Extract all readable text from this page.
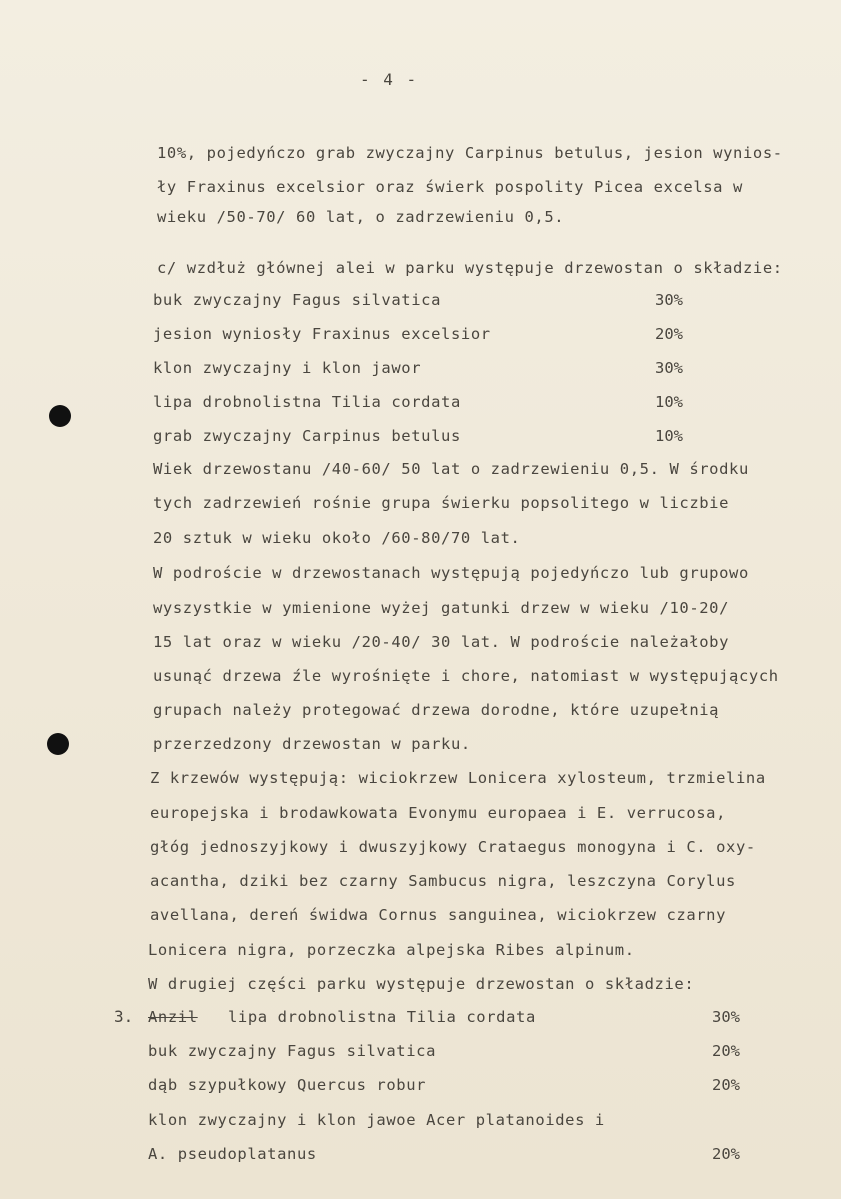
- 4 -
10%, pojedyńczo grab zwyczajny Carpinus betulus, jesion wynios-
ły Fraxinus excelsior oraz świerk pospolity Picea excelsa w
wieku /50-70/ 60 lat, o zadrzewieniu 0,5.
c/ wzdłuż głównej alei w parku występuje drzewostan o składzie:
buk zwyczajny Fagus silvatica	30%
jesion wyniosły Fraxinus excelsior	20%
klon zwyczajny i klon jawor	30%
lipa drobnolistna Tilia cordata	10%
grab zwyczajny Carpinus betulus	10%
Wiek drzewostanu /40-60/ 50 lat o zadrzewieniu 0,5. W środku
tych zadrzewień rośnie grupa świerku popsolitego w liczbie
20 sztuk w wieku około /60-80/70 lat.
W podroście w drzewostanach występują pojedyńczo lub grupowo
wyszystkie w ymienione wyżej gatunki drzew w wieku /10-20/
15 lat oraz w wieku /20-40/ 30 lat. W podroście należałoby
usunąć drzewa źle wyrośnięte i chore, natomiast w występujących
grupach należy protegować drzewa dorodne, które uzupełnią
przerzedzony drzewostan w parku.
Z krzewów występują: wiciokrzew Lonicera xylosteum, trzmielina
europejska i brodawkowata Evonymu europaea i E. verrucosa,
głóg jednoszyjkowy i dwuszyjkowy Crataegus monogyna i C. oxy-
acantha, dziki bez czarny Sambucus nigra, leszczyna Corylus
avellana, dereń świdwa Cornus sanguinea, wiciokrzew czarny
Lonicera nigra, porzeczka alpejska Ribes alpinum.
W drugiej części parku występuje drzewostan o składzie:
3. Anzil lipa drobnolistna Tilia cordata	30%
buk zwyczajny Fagus silvatica	20%
dąb szypułkowy Quercus robur	20%
klon zwyczajny i klon jawoe Acer platanoides i
A. pseudoplatanus	20%
